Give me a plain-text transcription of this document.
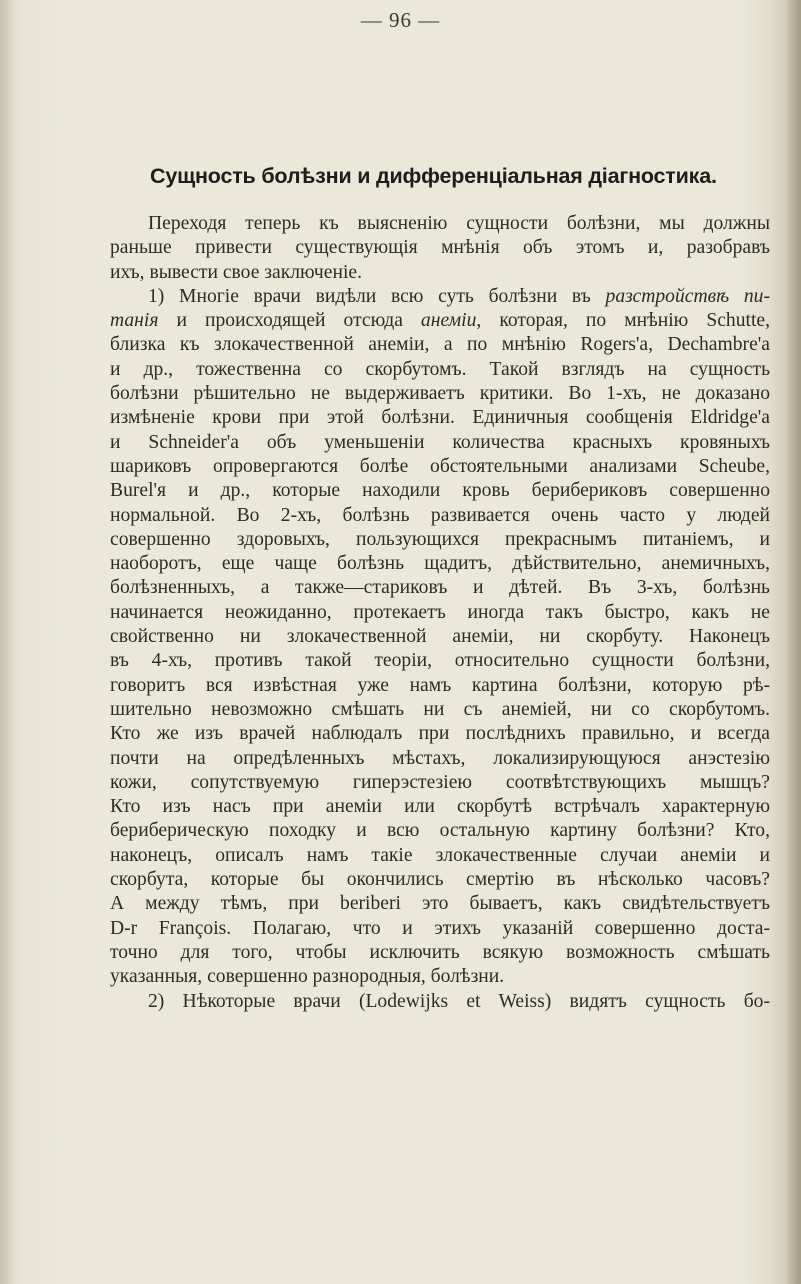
— 96 —
Сущность болѣзни и дифференціальная діагностика.
Переходя теперь къ выясненію сущности болѣзни, мы должны
раньше привести существующія мнѣнія объ этомъ и, разобравъ
ихъ, вывести свое заключеніе.
1) Многіе врачи видѣли всю суть болѣзни въ разстройствѣ пи-
танія и происходящей отсюда анеміи, которая, по мнѣнію Schutte,
близка къ злокачественной анеміи, а по мнѣнію Rogers'a, Dechambre'a
и др., тожественна со скорбутомъ. Такой взглядъ на сущность
болѣзни рѣшительно не выдерживаетъ критики. Во 1-хъ, не доказано
измѣненіе крови при этой болѣзни. Единичныя сообщенія Eldridge'a
и Schneider'a объ уменьшеніи количества красныхъ кровяныхъ
шариковъ опровергаются болѣе обстоятельными анализами Scheube,
Burel'я и др., которые находили кровь бериберикoвъ совершенно
нормальной. Во 2-хъ, болѣзнь развивается очень часто у людей
совершенно здоровыхъ, пользующихся прекраснымъ питаніемъ, и
наоборотъ, еще чаще болѣзнь щадитъ, дѣйствительно, анемичныхъ,
болѣзненныхъ, а также—стариковъ и дѣтей. Въ 3-хъ, болѣзнь
начинается неожиданно, протекаетъ иногда такъ быстро, какъ не
свойственно ни злокачественной анеміи, ни скорбуту. Наконецъ
въ 4-хъ, противъ такой теоріи, относительно сущности болѣзни,
говоритъ вся извѣстная уже намъ картина болѣзни, которую рѣ-
шительно невозможно смѣшать ни съ анеміей, ни со скорбутомъ.
Кто же изъ врачей наблюдалъ при послѣднихъ правильно, и всегда
почти на опредѣленныхъ мѣстахъ, локализирующуюся анэстезію
кожи, сопутствуемую гиперэстезіею соотвѣтствующихъ мышцъ?
Кто изъ насъ при анеміи или скорбутѣ встрѣчалъ характерную
бериберическую походку и всю остальную картину болѣзни? Кто,
наконецъ, описалъ намъ такіе злокачественные случаи анеміи и
скорбута, которые бы окончились смертію въ нѣсколько часовъ?
А между тѣмъ, при beriberi это бываетъ, какъ свидѣтельствуетъ
D-r François. Полагаю, что и этихъ указаній совершенно доста-
точно для того, чтобы исключить всякую возможность смѣшать
указанныя, совершенно разнородныя, болѣзни.
2) Нѣкоторые врачи (Lodewijks et Weiss) видятъ сущность бо-
